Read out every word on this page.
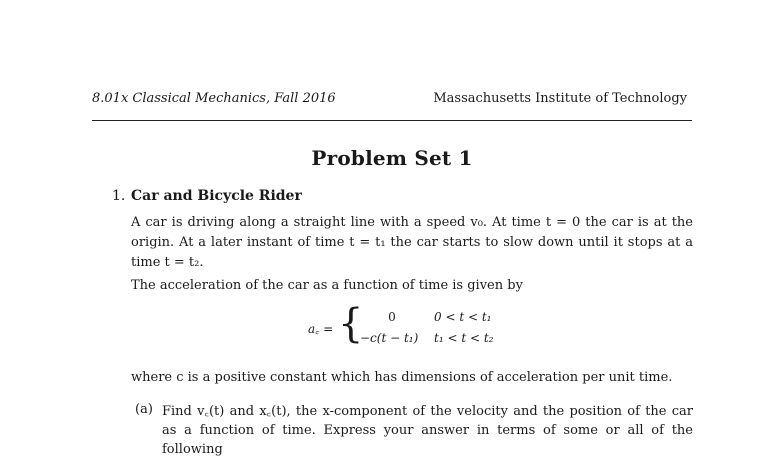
8.01x Classical Mechanics, Fall 2016	Massachusetts Institute of Technology
Problem Set 1
1. Car and Bicycle Rider
A car is driving along a straight line with a speed v₀. At time t = 0 the car is at the origin. At a later instant of time t = t₁ the car starts to slow down until it stops at a time t = t₂.
The acceleration of the car as a function of time is given by
a꜀ = {	0	0 < t < t₁
−c(t − t₁) t₁ < t < t₂
where c is a positive constant which has dimensions of acceleration per unit time.
(a) Find v꜀(t) and x꜀(t), the x-component of the velocity and the position of the car as a function of time. Express your answer in terms of some or all of the following
